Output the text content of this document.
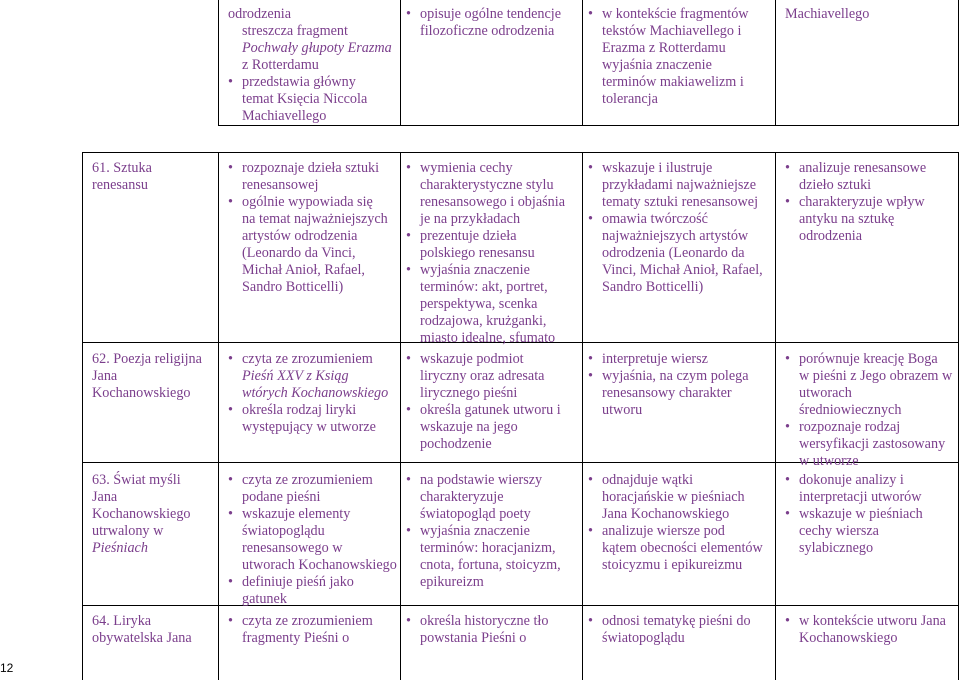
odrodzenia
streszcza fragment
Pochwały głupoty Erazma
z Rotterdamu
• przedstawia główny
temat Księcia Niccola
Machiavellego
• opisuje ogólne tendencje
filozoficzne odrodzenia
• w kontekście fragmentów
tekstów Machiavellego i
Erazma z Rotterdamu
wyjaśnia znaczenie
terminów makiawelizm i
tolerancja
Machiavellego
61. Sztuka
renesansu
• rozpoznaje dzieła sztuki
renesansowej
• ogólnie wypowiada się
na temat najważniejszych
artystów odrodzenia
(Leonardo da Vinci,
Michał Anioł, Rafael,
Sandro Botticelli)
• wymienia cechy
charakterystyczne stylu
renesansowego i objaśnia
je na przykładach
• prezentuje dzieła
polskiego renesansu
• wyjaśnia znaczenie
terminów: akt, portret,
perspektywa, scenka
rodzajowa, krużganki,
miasto idealne, sfumato
• wskazuje i ilustruje
przykładami najważniejsze
tematy sztuki renesansowej
• omawia twórczość
najważniejszych artystów
odrodzenia (Leonardo da
Vinci, Michał Anioł, Rafael,
Sandro Botticelli)
• analizuje renesansowe
dzieło sztuki
• charakteryzuje wpływ
antyku na sztukę
odrodzenia
62. Poezja religijna
Jana
Kochanowskiego
• czyta ze zrozumieniem
Pieśń XXV z Ksiąg
wtórych Kochanowskiego
• określa rodzaj liryki
występujący w utworze
• wskazuje podmiot
liryczny oraz adresata
lirycznego pieśni
• określa gatunek utworu i
wskazuje na jego
pochodzenie
• interpretuje wiersz
• wyjaśnia, na czym polega
renesansowy charakter
utworu
• porównuje kreację Boga
w pieśni z Jego obrazem w
utworach
średniowiecznych
• rozpoznaje rodzaj
wersyfikacji zastosowany
w utworze
63. Świat myśli
Jana
Kochanowskiego
utrwalony w
Pieśniach
• czyta ze zrozumieniem
podane pieśni
• wskazuje elementy
światopoglądu
renesansowego w
utworach Kochanowskiego
• definiuje pieśń jako
gatunek
• na podstawie wierszy
charakteryzuje
światopogląd poety
• wyjaśnia znaczenie
terminów: horacjanizm,
cnota, fortuna, stoicyzm,
epikureizm
• odnajduje wątki
horacjańskie w pieśniach
Jana Kochanowskiego
• analizuje wiersze pod
kątem obecności elementów
stoicyzmu i epikureizmu
• dokonuje analizy i
interpretacji utworów
• wskazuje w pieśniach
cechy wiersza
sylabicznego
64. Liryka
obywatelska Jana
• czyta ze zrozumieniem
fragmenty Pieśni o
• określa historyczne tło
powstania Pieśni o
• odnosi tematykę pieśni do
światopoglądu
• w kontekście utworu Jana
Kochanowskiego
12
